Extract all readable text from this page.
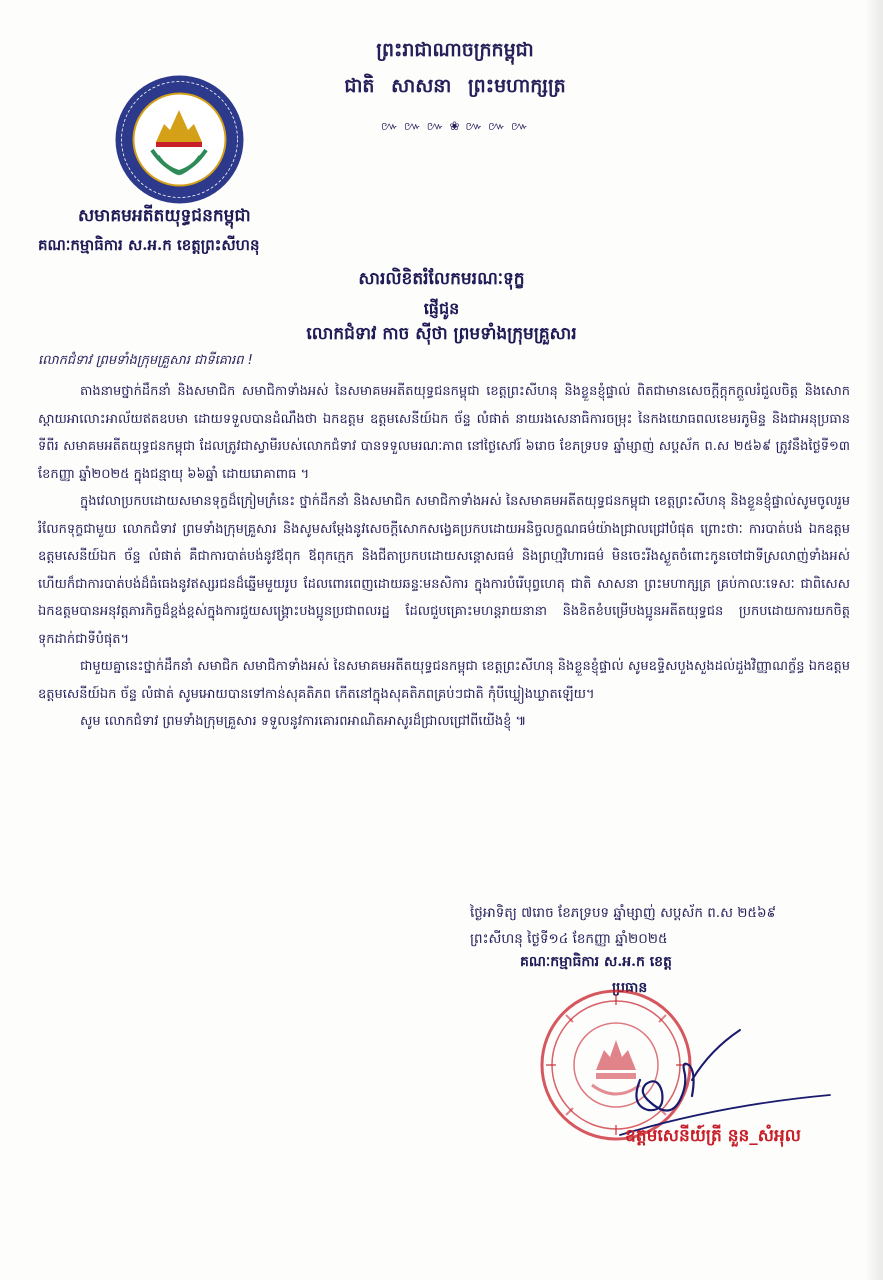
ព្រះរាជាណាចក្រកម្ពុជា
ជាតិ សាសនា ព្រះមហាក្សត្រ
៚ ៚ ៚ ❀ ៚ ៚ ៚
សមាគមអតីតយុទ្ធជនកម្ពុជា
គណៈកម្មាធិការ ស.អ.ក ខេត្តព្រះសីហនុ
សារលិខិតរំលែកមរណៈទុក្ខ
ផ្ញើជូន
លោកជំទាវ កាច ស៊ីថា ព្រមទាំងក្រុមគ្រួសារ
លោកជំទាវ ព្រមទាំងក្រុមគ្រួសារ ជាទីគោរព !

តាងនាមថ្នាក់ដឹកនាំ និងសមាជិក សមាជិកាទាំងអស់ នៃសមាគមអតីតយុទ្ធជនកម្ពុជា ខេត្តព្រះសីហនុ និងខ្លួនខ្ញុំផ្ទាល់ ពិតជាមានសេចក្តីក្តុកក្តួលរំជួលចិត្ត និងសោកស្តាយអាលោះអាល័យឥតឧបមា ដោយទទួលបានដំណឹងថា ឯកឧត្តម ឧត្តមសេនីយ៍ឯក ច័ន្ទ លំផាត់ នាយរងសេនាធិការចម្រុះ នៃកងយោធពលខេមរភូមិន្ទ និងជាអនុប្រធានទីពីរ សមាគមអតីតយុទ្ធជនកម្ពុជា ដែលត្រូវជាស្វាមីរបស់លោកជំទាវ បានទទួលមរណៈភាព នៅថ្ងៃសៅរ៍ ៦រោច ខែភទ្របទ ឆ្នាំម្សាញ់ សប្តស័ក ព.ស ២៥៦៩ ត្រូវនឹងថ្ងៃទី១៣ ខែកញ្ញា ឆ្នាំ២០២៥ ក្នុងជន្មាយុ ៦៦ឆ្នាំ ដោយរោគាពាធ ។

ក្នុងវេលាប្រកបដោយសមានទុក្ខដ៏ក្រៀមក្រំនេះ ថ្នាក់ដឹកនាំ និងសមាជិក សមាជិកាទាំងអស់ នៃសមាគមអតីតយុទ្ធជនកម្ពុជា ខេត្តព្រះសីហនុ និងខ្លួនខ្ញុំផ្ទាល់សូមចូលរួមរំលែកទុក្ខជាមួយ លោកជំទាវ ព្រមទាំងក្រុមគ្រួសារ និងសូមសម្តែងនូវសេចក្តីសោកសង្វេគប្រកបដោយអនិច្ចលក្ខណធម៌យ៉ាងជ្រាលជ្រៅបំផុត ព្រោះថាៈ ការបាត់បង់ ឯកឧត្តម ឧត្តមសេនីយ៍ឯក ច័ន្ទ លំផាត់ គឺជាការបាត់បង់នូវឪពុក ឪពុកក្មេក និងជីតាប្រកបដោយសន្តោសធម៌ និងព្រហ្មវិហារធម៌ មិនចេះរីងស្ងួតចំពោះកូនចៅជាទីស្រលាញ់ទាំងអស់ ហើយក៏ជាការបាត់បង់ដ៏ធំធេងនូវឥស្សរជនដ៏ឆ្នើមមួយរូប ដែលពោរពេញដោយឆន្ទៈមនសិការ ក្នុងការបំរើបុព្វហេតុ ជាតិ សាសនា ព្រះមហាក្សត្រ គ្រប់កាលៈទេសៈ ជាពិសេសឯកឧត្តមបានអនុវត្តភារកិច្ចដ៏ខ្ពង់ខ្ពស់ក្នុងការជួយសង្គ្រោះបងប្អូនប្រជាពលរដ្ឋ ដែលជួបគ្រោះមហន្តរាយនានា និងខិតខំបម្រើបងប្អូនអតីតយុទ្ធជន ប្រកបដោយការយកចិត្តទុកដាក់ជាទីបំផុត។

ជាមួយគ្នានេះថ្នាក់ដឹកនាំ សមាជិក សមាជិកាទាំងអស់ នៃសមាគមអតីតយុទ្ធជនកម្ពុជា ខេត្តព្រះសីហនុ និងខ្លួនខ្ញុំផ្ទាល់ សូមឧទ្ទិសបួងសួងដល់ដួងវិញ្ញាណក្ខ័ន្ធ ឯកឧត្តម ឧត្តមសេនីយ៍ឯក ច័ន្ទ លំផាត់ សូមអោយបានទៅកាន់សុគតិភព កើតនៅក្នុងសុគតិភពគ្រប់ៗជាតិ កុំបីឃ្លៀងឃ្លាតឡើយ។

សូម លោកជំទាវ ព្រមទាំងក្រុមគ្រួសារ ទទួលនូវការគោរពអាណិតអាសូរដ៏ជ្រាលជ្រៅពីយើងខ្ញុំ ៕

ថ្ងៃអាទិត្យ ៧រោច ខែភទ្របទ ឆ្នាំម្សាញ់ សប្តស័ក ព.ស ២៥៦៩
ព្រះសីហនុ ថ្ងៃទី១៤ ខែកញ្ញា ឆ្នាំ២០២៥
គណៈកម្មាធិការ ស.អ.ក ខេត្ត
ប្រធាន
ឧត្តមសេនីយ៍ត្រី នួន_សំអុល
